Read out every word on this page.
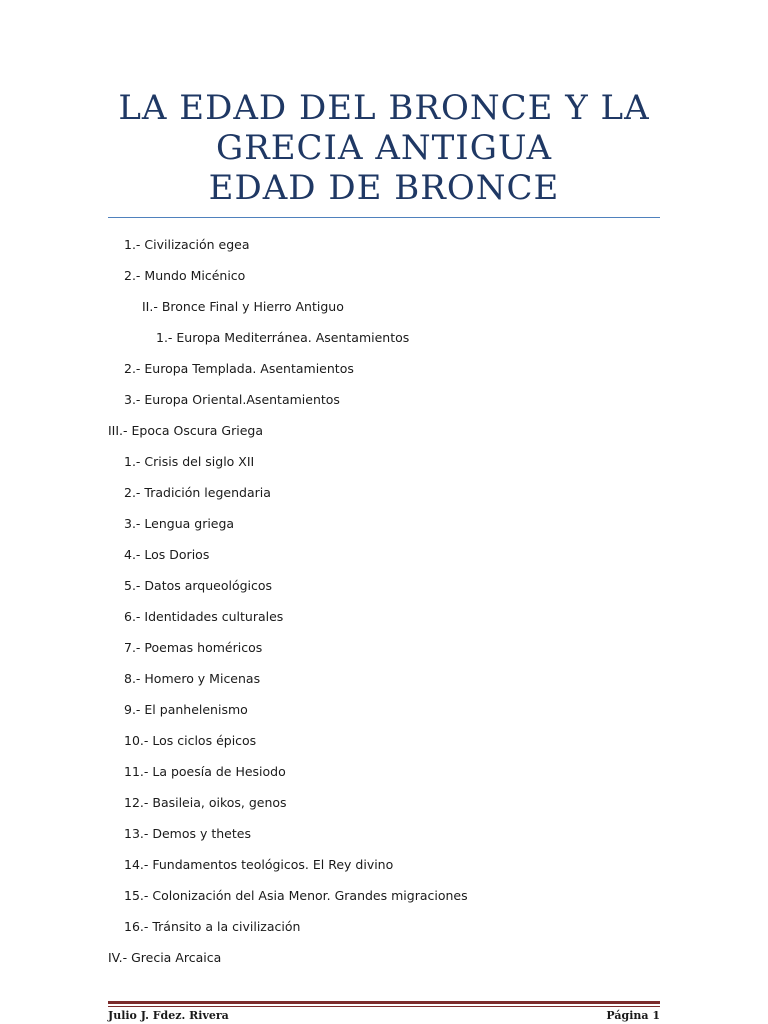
LA EDAD DEL BRONCE Y LA
GRECIA ANTIGUA
EDAD DE BRONCE
1.- Civilización egea
2.- Mundo Micénico
II.- Bronce Final y Hierro Antiguo
1.- Europa Mediterránea. Asentamientos
2.- Europa Templada. Asentamientos
3.- Europa Oriental.Asentamientos
III.- Epoca Oscura Griega
1.- Crisis del siglo XII
2.- Tradición legendaria
3.- Lengua griega
4.- Los Dorios
5.- Datos arqueológicos
6.- Identidades culturales
7.- Poemas homéricos
8.- Homero y Micenas
9.- El panhelenismo
10.- Los ciclos épicos
11.- La poesía de Hesiodo
12.- Basileia, oikos, genos
13.- Demos y thetes
14.- Fundamentos teológicos. El Rey divino
15.- Colonización del Asia Menor. Grandes migraciones
16.- Tránsito a la civilización
IV.- Grecia Arcaica
Julio J. Fdez. Rivera	Página 1
